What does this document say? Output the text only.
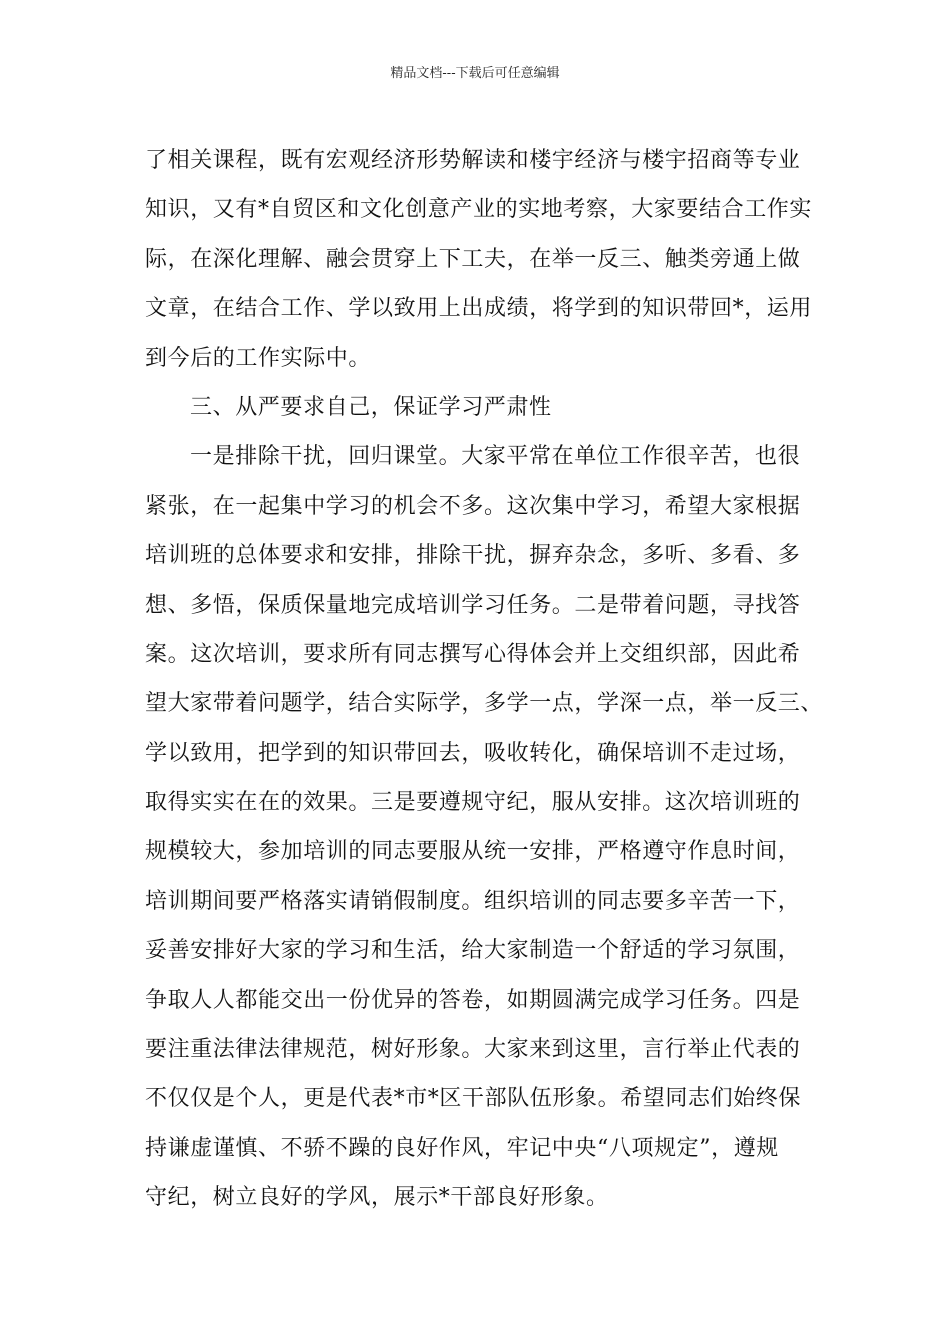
精品文档---下载后可任意编辑
了相关课程，既有宏观经济形势解读和楼宇经济与楼宇招商等专业
知识，又有*自贸区和文化创意产业的实地考察，大家要结合工作实
际，在深化理解、融会贯穿上下工夫，在举一反三、触类旁通上做
文章，在结合工作、学以致用上出成绩，将学到的知识带回*，运用
到今后的工作实际中。
三、从严要求自己，保证学习严肃性
一是排除干扰，回归课堂。大家平常在单位工作很辛苦，也很
紧张，在一起集中学习的机会不多。这次集中学习，希望大家根据
培训班的总体要求和安排，排除干扰，摒弃杂念，多听、多看、多
想、多悟，保质保量地完成培训学习任务。二是带着问题，寻找答
案。这次培训，要求所有同志撰写心得体会并上交组织部，因此希
望大家带着问题学，结合实际学，多学一点，学深一点，举一反三、
学以致用，把学到的知识带回去，吸收转化，确保培训不走过场，
取得实实在在的效果。三是要遵规守纪，服从安排。这次培训班的
规模较大，参加培训的同志要服从统一安排，严格遵守作息时间，
培训期间要严格落实请销假制度。组织培训的同志要多辛苦一下，
妥善安排好大家的学习和生活，给大家制造一个舒适的学习氛围，
争取人人都能交出一份优异的答卷，如期圆满完成学习任务。四是
要注重法律法律规范，树好形象。大家来到这里，言行举止代表的
不仅仅是个人，更是代表*市*区干部队伍形象。希望同志们始终保
持谦虚谨慎、不骄不躁的良好作风，牢记中央“八项规定”，遵规
守纪，树立良好的学风，展示*干部良好形象。
